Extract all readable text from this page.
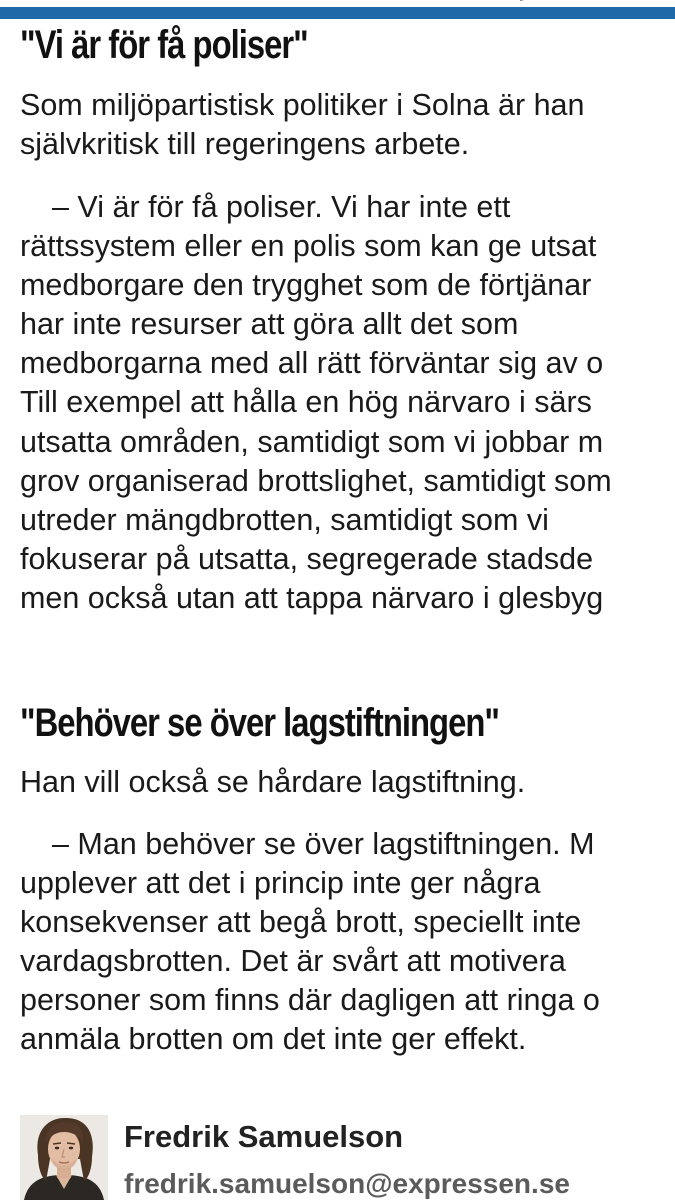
"Vi är för få poliser"

Som miljöpartistisk politiker i Solna är han
självkritisk till regeringens arbete.

– Vi är för få poliser. Vi har inte ett
rättssystem eller en polis som kan ge utsat
medborgare den trygghet som de förtjänar
har inte resurser att göra allt det som
medborgarna med all rätt förväntar sig av o
Till exempel att hålla en hög närvaro i särs
utsatta områden, samtidigt som vi jobbar m
grov organiserad brottslighet, samtidigt som
utreder mängdbrotten, samtidigt som vi
fokuserar på utsatta, segregerade stadsde
men också utan att tappa närvaro i glesbyg

"Behöver se över lagstiftningen"

Han vill också se hårdare lagstiftning.

– Man behöver se över lagstiftningen. M
upplever att det i princip inte ger några
konsekvenser att begå brott, speciellt inte
vardagsbrotten. Det är svårt att motivera
personer som finns där dagligen att ringa o
anmäla brotten om det inte ger effekt.

Fredrik Samuelson
fredrik.samuelson@expressen.se
